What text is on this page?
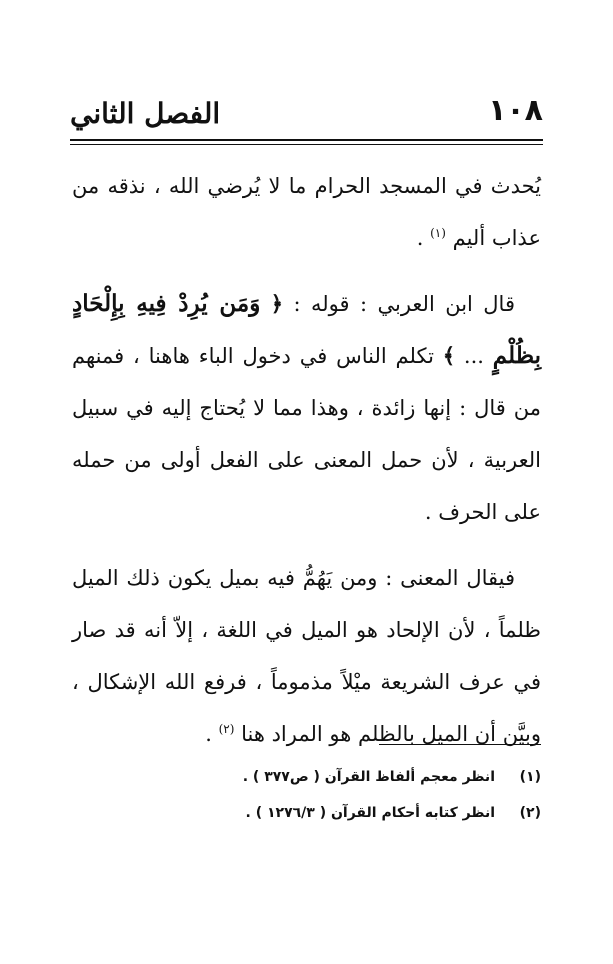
١٠٨
الفصل الثاني

يُحدث في المسجد الحرام ما لا يُرضي الله ، نذقه من عذاب أليم $^{(١)}$ .

قال ابن العربي : قوله : ﴿ وَمَن يُرِدْ فِيهِ بِإِلْحَادٍ بِظُلْمٍ ... ﴾ تكلم الناس في دخول الباء هاهنا ، فمنهم من قال : إنها زائدة ، وهذا مما لا يُحتاج إليه في سبيل العربية ، لأن حمل المعنى على الفعل أولى من حمله على الحرف .

فيقال المعنى : ومن يَهُمُّ فيه بميل يكون ذلك الميل ظلماً ، لأن الإلحاد هو الميل في اللغة ، إلاّ أنه قد صار في عرف الشريعة ميْلاً مذموماً ، فرفع الله الإشكال ، وبيَّن أن الميل بالظلم هو المراد هنا $^{(٢)}$ .

(١)
انظر معجم ألفاظ القرآن ( ص٣٧٧ ) .
(٢)
انظر كتابه أحكام القرآن ( ١٢٧٦/٣ ) .
